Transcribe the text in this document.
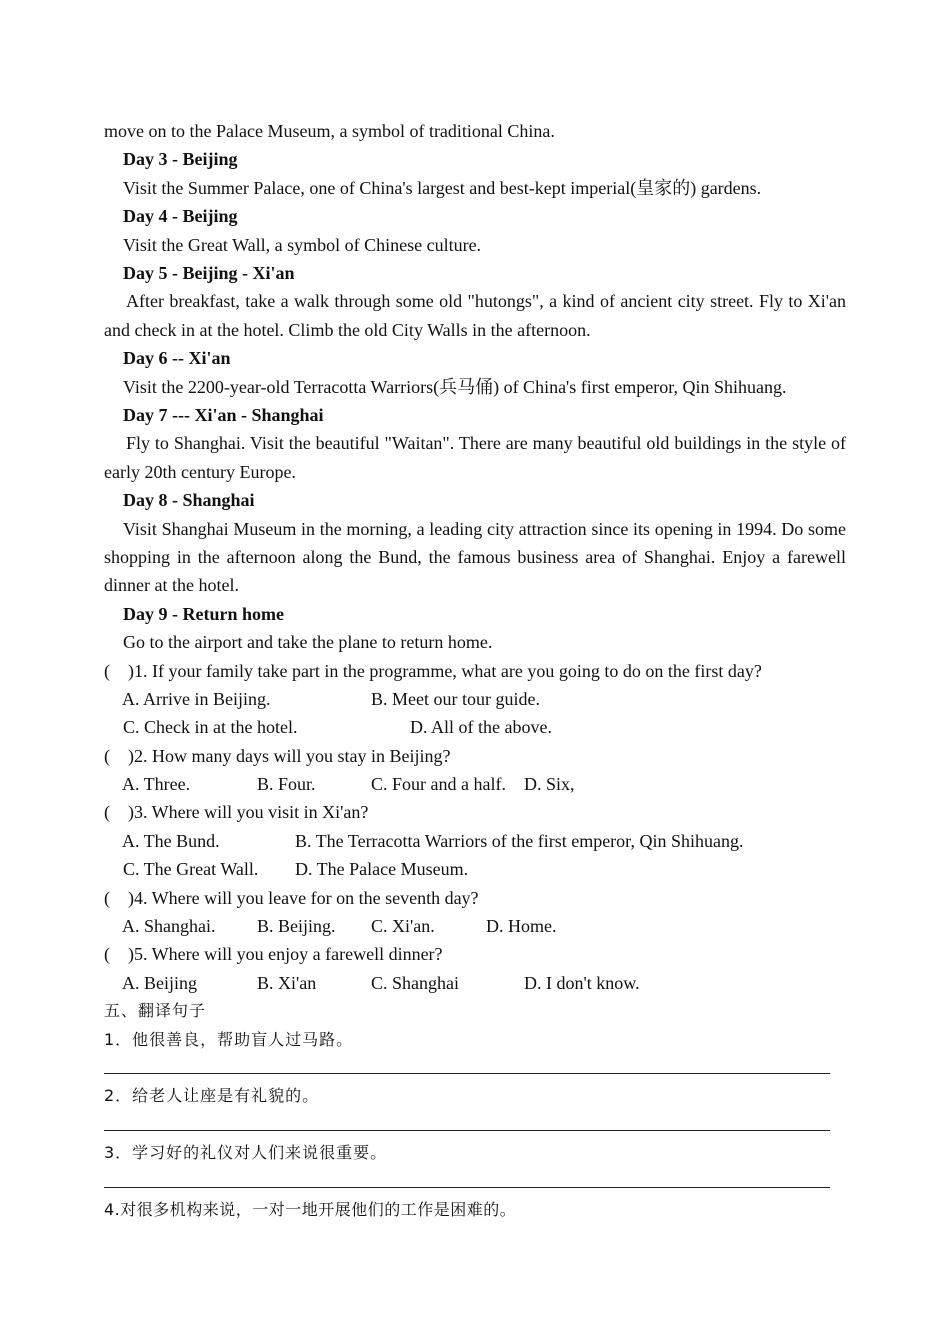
move on to the Palace Museum, a symbol of traditional China.
Day 3 - Beijing
Visit the Summer Palace, one of China's largest and best-kept imperial(皇家的) gardens.
Day 4 - Beijing
Visit the Great Wall, a symbol of Chinese culture.
Day 5 - Beijing - Xi'an
After breakfast, take a walk through some old "hutongs", a kind of ancient city street. Fly to Xi'an and check in at the hotel. Climb the old City Walls in the afternoon.
Day 6 -- Xi'an
Visit the 2200-year-old Terracotta Warriors(兵马俑) of China's first emperor, Qin Shihuang.
Day 7 --- Xi'an - Shanghai
Fly to Shanghai. Visit the beautiful "Waitan". There are many beautiful old buildings in the style of early 20th century Europe.
Day 8 - Shanghai
Visit Shanghai Museum in the morning, a leading city attraction since its opening in 1994. Do some shopping in the afternoon along the Bund, the famous business area of Shanghai. Enjoy a farewell dinner at the hotel.
Day 9 - Return home
Go to the airport and take the plane to return home.
( )1. If your family take part in the programme, what are you going to do on the first day?
A. Arrive in Beijing.	B. Meet our tour guide.
C. Check in at the hotel.	D. All of the above.
( )2. How many days will you stay in Beijing?
A. Three.	B. Four.	C. Four and a half. D. Six,
( )3. Where will you visit in Xi'an?
A. The Bund.	B. The Terracotta Warriors of the first emperor, Qin Shihuang.
C. The Great Wall. D. The Palace Museum.
( )4. Where will you leave for on the seventh day?
A. Shanghai. B. Beijing. C. Xi'an.	D. Home.
( )5. Where will you enjoy a farewell dinner?
A. Beijing	B. Xi'an	C. Shanghai	D. I don't know.
五、翻译句子
1．他很善良，帮助盲人过马路。
2．给老人让座是有礼貌的。
3．学习好的礼仪对人们来说很重要。
4.对很多机构来说，一对一地开展他们的工作是困难的。
